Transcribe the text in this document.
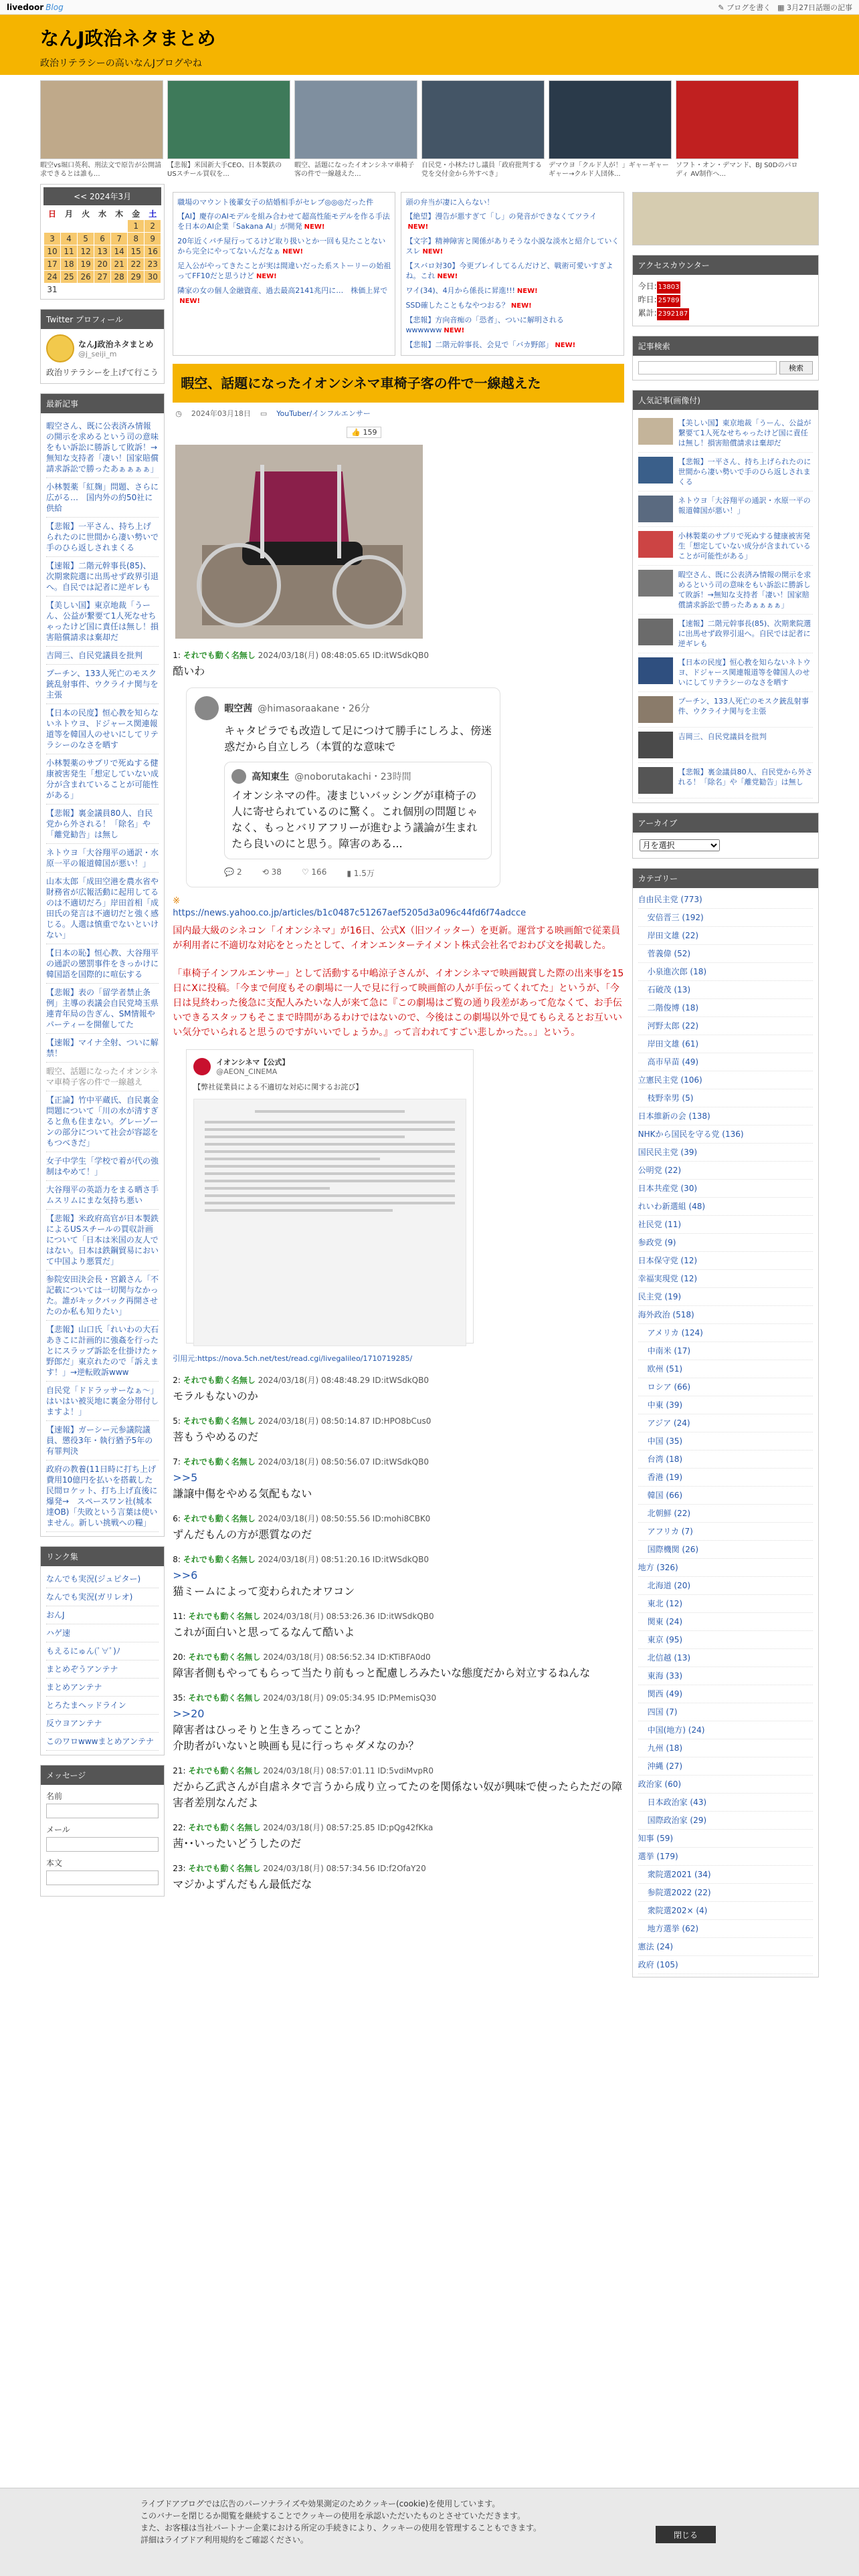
livedoor Blog	✎ ブログを書く ▦ 3月27日話題の記事
なんJ政治ネタまとめ

政治リテラシーの高いなんJブログやね

暇空vs堀口英利、刑法文で原告が公開請求できるとは誰も...
【悲報】米国新大手CEO、日本製鉄のUSスチール買収を...
暇空、話題になったイオンシネマ車椅子客の件で一線越えた...
自民党・小林たけし議員「政府批判する党を交付金から外すべき」
デマウヨ「クルド人が！」ギャーギャーギャー→クルド人団体...
ソフト・オン・デマンド、BJ S0Dのパロディ AV制作へ...
<< 2024年3月
日	月	火	水	木	金	土
					1	2
3	4	5	6	7	8	9
10	11	12	13	14	15	16
17	18	19	20	21	22	23
24	25	26	27	28	29	30
31						
Twitter プロフィール
なんJ政治ネタまとめ
@j_seiji_m
政治リテラシーを上げて行こう
最新記事
暇空さん、既に公表済み情報の開示を求めるという司の意味をもい訴訟に勝訴して敗訴！→無知な支持者「凄い！国家賠償請求訴訟で勝ったあぁぁぁぁ」
小林製薬「紅麹」問題、さらに広がる…　国内外の約50社に供給
【悲報】一平さん、持ち上げられたのに世間から凄い勢いで手のひら返しされまくる
【速報】二階元幹事長(85)、次期衆院選に出馬せず政界引退へ。自民では記者に逆ギレも
【美しい国】東京地裁「うーん、公益が繋要て1人死なせちゃったけど国に責任は無し！損害賠償請求は棄却だ
吉岡三、自民党議員を批判
プーチン、133人死亡のモスク銃乱射事件、ウクライナ関与を主張
【日本の民度】恒心教を知らないネトウヨ、ドジャース関連報道等を韓国人のせいにしてリテラシーのなさを晒す
小林製薬のサプリで死ぬする健康被害発生「想定していない成分が含まれていることが可能性がある」
【悲報】裏金議員80人、自民党から外される！「除名」や「離党勧告」は無し
ネトウヨ「大谷翔平の通訳・水原一平の報道韓国が悪い！」
山本太郎「成田空港を農水省や財務省が広報活動に起用してるのは不適切だろ」岸田首相「成田氏の発言は不適切だと強く感じる。人選は慎重でないといけない」
【日本の恥】恒心教、大谷翔平の通訳の懲罰事件をきっかけに韓国語を国際的に喧伝する
【悲報】表の「留学者禁止条例」主導の表議会自民党埼玉県連青年局の告ぎん、SM情報やパーティーを開催してた
【速報】マイナ全射、ついに解禁！
暇空、話題になったイオンシネマ車椅子客の件で一線越え
【正論】竹中平蔵氏、自民裏金問題について「川の水が清すぎると魚も住まない。グレーゾーンの部分について社会が容認をもつべきだ」
女子中学生「学校で着が代の強制はやめて！」
大谷翔平の英語力をまる晒さ手ムスリムにまな気持ち悪い
【悲報】米政府高官が日本製鉄によるUSスチールの買収計画について「日本は米国の友人ではない。日本は鉄鋼貿易において中国より悪質だ」
参院安田決会長・宮鍛さん「不記載については一切関与なかった。誰がキックバック再開させたのか私も知りたい」
【悲報】山口氏「れいわの大石あきこに計画的に強姦を行ったとにスラップ訴訟を仕掛けたヶ野郎だ」東京れたので「訴えます！」→逆転敗訴www
自民党「ドドラッサーなぁ～」はいはい被災地に裏金分帯付しますよ！」
【速報】ガーシー元参議院議員、懲役3年・執行猶予5年の有罪判決
政府の教養(11日時に打ち上げ費用10億円を払いを搭載した民間ロケット、打ち上げ直後に爆発→　スペースワン社(城本達OB)「失敗という言葉は使いません。新しい挑戦への糧」
リンク集
なんでも実況(ジュピター)
なんでも実況(ガリレオ)
おんJ
ハゲ速
もえるにゅん(ﾟ∀ﾟ)ﾉ
まとめぞうアンテナ
まとめアンテナ
とろたまヘッドライン
反ウヨアンテナ
このワロwwwまとめアンテナ
メッセージ
名前
メール
本文
職場のマウント後輩女子の結婚相手がセレブ◎◎◎だった件
【AI】慶存のAIモデルを組み合わせて超高性能モデルを作る手法を日本のAI企業「Sakana AI」が開発 NEW!
20年近くパチ屋行ってるけど取り扱いとか一回も見たことないから完全にやってないんだなぁ NEW!
足入公がやってきたことが実は間違いだった系ストーリーの始祖ってFF10だと思うけど NEW!
隣家の女の個人金融資産、過去最高2141兆円に…　株価上昇でNEW!
頭の弁当が凄に入らない！
【絶望】漫告が悪すぎて「し」の発音ができなくてツライNEW!
【文字】精神障害と関係がありそうな小説な淡水と紹介していくスレ NEW!
【スバロ対30】今更プレイしてるんだけど、戦術可愛いすぎよね。これ NEW!
ワイ(34)、4月から係長に昇進!!! NEW!
SSD確したこともなやつおる？ NEW!
【悲報】方向音痴の「恐者」、ついに解明されるwwwwww NEW!
【悲報】二階元幹事長、会見で「バカ野郎」 NEW!
暇空、話題になったイオンシネマ車椅子客の件で一線越えた
◷ 2024年03月18日 ▭ YouTuber/インフルエンサー
👍 159
1: それでも動く名無し 2024/03/18(月) 08:48:05.65 ID:itWSdkQB0
酷いわ
暇空茜 @himasoraakane・26分
キャタピラでも改造して足につけて勝手にしろよ、傍迷惑だから自立しろ（本質的な意味で
高知東生 @noborutakachi・23時間
イオンシネマの件。凄まじいバッシングが車椅子の人に寄せられているのに驚く。これ個別の問題じゃなく、もっとバリアフリーが進むよう議論が生まれたら良いのにと思う。障害のある...
💬 2	⟲ 38	♡ 166	▮ 1.5万
※
https://news.yahoo.co.jp/articles/b1c0487c51267aef5205d3a096c44fd6f74adcce

国内最大級のシネコン「イオンシネマ」が16日、公式X（旧ツイッター）を更新。運営する映画館で従業員が利用者に不適切な対応をとったとして、イオンエンターテイメント株式会社名でおわび文を掲載した。

「車椅子インフルエンサー」として活動する中嶋涼子さんが、イオンシネマで映画観賞した際の出来事を15日にXに投稿。「今まで何度もその劇場に一人で見に行って映画館の人が手伝ってくれてた」というが、「今日は見終わった後急に支配人みたいな人が来て急に『この劇場はご覧の通り段差があって危なくて、お手伝いできるスタッフもそこまで時間があるわけではないので、今後はこの劇場以外で見てもらえるとお互いいい気分でいられると思うのですがいいでしょうか。』って言われてすごい悲しかった。。」という。

イオンシネマ【公式】
@AEON_CINEMA
【弊社従業員による不適切な対応に関するお詫び】
引用元:https://nova.5ch.net/test/read.cgi/livegalileo/1710719285/
2: それでも動く名無し 2024/03/18(月) 08:48:48.29 ID:itWSdkQB0
モラルもないのか
5: それでも動く名無し 2024/03/18(月) 08:50:14.87 ID:HPO8bCus0
菩もうやめるのだ
7: それでも動く名無し 2024/03/18(月) 08:50:56.07 ID:itWSdkQB0
>>5
謙譲中傷をやめる気配もない
6: それでも動く名無し 2024/03/18(月) 08:50:55.56 ID:mohi8CBK0
ずんだもんの方が悪質なのだ
8: それでも動く名無し 2024/03/18(月) 08:51:20.16 ID:itWSdkQB0
>>6
猫ミームによって変わられたオワコン
11: それでも動く名無し 2024/03/18(月) 08:53:26.36 ID:itWSdkQB0
これが面白いと思ってるなんて酷いよ
20: それでも動く名無し 2024/03/18(月) 08:56:52.34 ID:KTiBFA0d0
障害者側もやってもらって当たり前もっと配慮しろみたいな態度だから対立するねんな
35: それでも動く名無し 2024/03/18(月) 09:05:34.95 ID:PMemisQ30
>>20
障害者はひっそりと生きろってことか？
介助者がいないと映画も見に行っちゃダメなのか？
21: それでも動く名無し 2024/03/18(月) 08:57:01.11 ID:5vdiMvpR0
だから乙武さんが自虐ネタで言うから成り立ってたのを関係ない奴が興味で使ったらただの障害者差別なんだよ
22: それでも動く名無し 2024/03/18(月) 08:57:25.85 ID:pQg42fKka
茜･･いったいどうしたのだ
23: それでも動く名無し 2024/03/18(月) 08:57:34.56 ID:f2OfaY20
マジかよずんだもん最低だな
アクセスカウンター
今日: 13803
昨日: 25789
累計: 2392187
記事検索
検索
人気記事(画像付)
【美しい国】東京地裁「うーん、公益が繋要て1人死なせちゃったけど国に責任は無し！損害賠償請求は棄却だ
【悲報】一平さん、持ち上げられたのに世間から凄い勢いで手のひら返しされまくる
ネトウヨ「大谷翔平の通訳・水原一平の報道韓国が悪い！」
小林製薬のサプリで死ぬする健康被害発生「想定していない成分が含まれていることが可能性がある」
暇空さん、既に公表済み情報の開示を求めるという司の意味をもい訴訟に勝訴して敗訴！→無知な支持者「凄い！国家賠償請求訴訟で勝ったあぁぁぁぁ」
【速報】二階元幹事長(85)、次期衆院選に出馬せず政界引退へ。自民では記者に逆ギレも
【日本の民度】恒心教を知らないネトウヨ、ドジャース関連報道等を韓国人のせいにしてリテラシーのなさを晒す
プーチン、133人死亡のモスク銃乱射事件、ウクライナ関与を主張
吉岡三、自民党議員を批判
【悲報】裏金議員80人、自民党から外される！「除名」や「離党勧告」は無し
アーカイブ
月を選択
カテゴリー
自由民主党 (773)
安倍晋三 (192)
岸田文雄 (22)
菅義偉 (52)
小泉進次郎 (18)
石破茂 (13)
二階俊博 (18)
河野太郎 (22)
岸田文雄 (61)
高市早苗 (49)
立憲民主党 (106)
枝野幸男 (5)
日本維新の会 (138)
NHKから国民を守る党 (136)
国民民主党 (39)
公明党 (22)
日本共産党 (30)
れいわ新選組 (48)
社民党 (11)
参政党 (9)
日本保守党 (12)
幸福実現党 (12)
民主党 (19)
海外政治 (518)
アメリカ (124)
中南米 (17)
欧州 (51)
ロシア (66)
中東 (39)
アジア (24)
中国 (35)
台湾 (18)
香港 (19)
韓国 (66)
北朝鮮 (22)
アフリカ (7)
国際機関 (26)
地方 (326)
北海道 (20)
東北 (12)
関東 (24)
東京 (95)
北信越 (13)
東海 (33)
関西 (49)
四国 (7)
中国(地方) (24)
九州 (18)
沖縄 (27)
政治家 (60)
日本政治家 (43)
国際政治家 (29)
知事 (59)
選挙 (179)
衆院選2021 (34)
参院選2022 (22)
衆院選202× (4)
地方選挙 (62)
憲法 (24)
政府 (105)
ライブドアブログでは広告のパーソナライズや効果測定のためクッキー(cookie)を使用しています。
このバナーを閉じるか閲覧を継続することでクッキーの使用を承認いただいたものとさせていただきます。
また、お客様は当社パートナー企業における所定の手続きにより、クッキーの使用を管理することもできます。
詳細はライブドア利用規約をご確認ください。
閉じる
